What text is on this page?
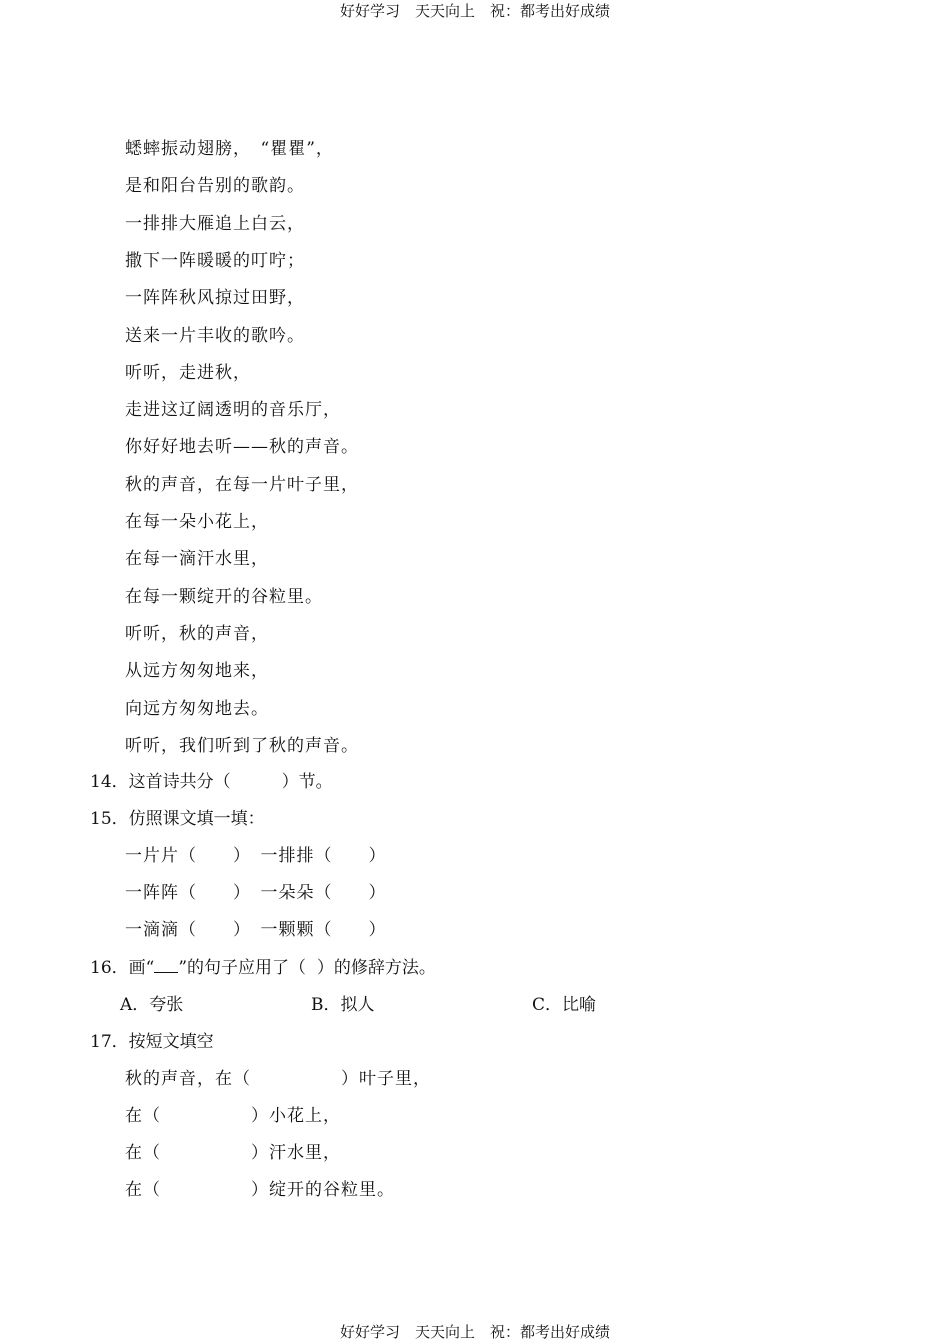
好好学习　天天向上　祝：都考出好成绩
蟋蟀振动翅膀，　“瞿瞿”，
是和阳台告别的歌韵。
一排排大雁追上白云，
撒下一阵暖暖的叮咛；
一阵阵秋风掠过田野，
送来一片丰收的歌吟。
听听，走进秋，
走进这辽阔透明的音乐厅，
你好好地去听——秋的声音。
秋的声音，在每一片叶子里，
在每一朵小花上，
在每一滴汗水里，
在每一颗绽开的谷粒里。
听听，秋的声音，
从远方匆匆地来，
向远方匆匆地去。
听听，我们听到了秋的声音。
14．这首诗共分（　　　）节。
15．仿照课文填一填：
一片片（　　）　一排排（　　）
一阵阵（　　）　一朵朵（　　）
一滴滴（　　）　一颗颗（　　）
16．画“ ”的句子应用了（  ）的修辞方法。
A．夸张	B．拟人	C．比喻
17．按短文填空
秋的声音，在（　　　　　）叶子里，
在（　　　　　）小花上，
在（　　　　　）汗水里，
在（　　　　　）绽开的谷粒里。
好好学习　天天向上　祝：都考出好成绩
